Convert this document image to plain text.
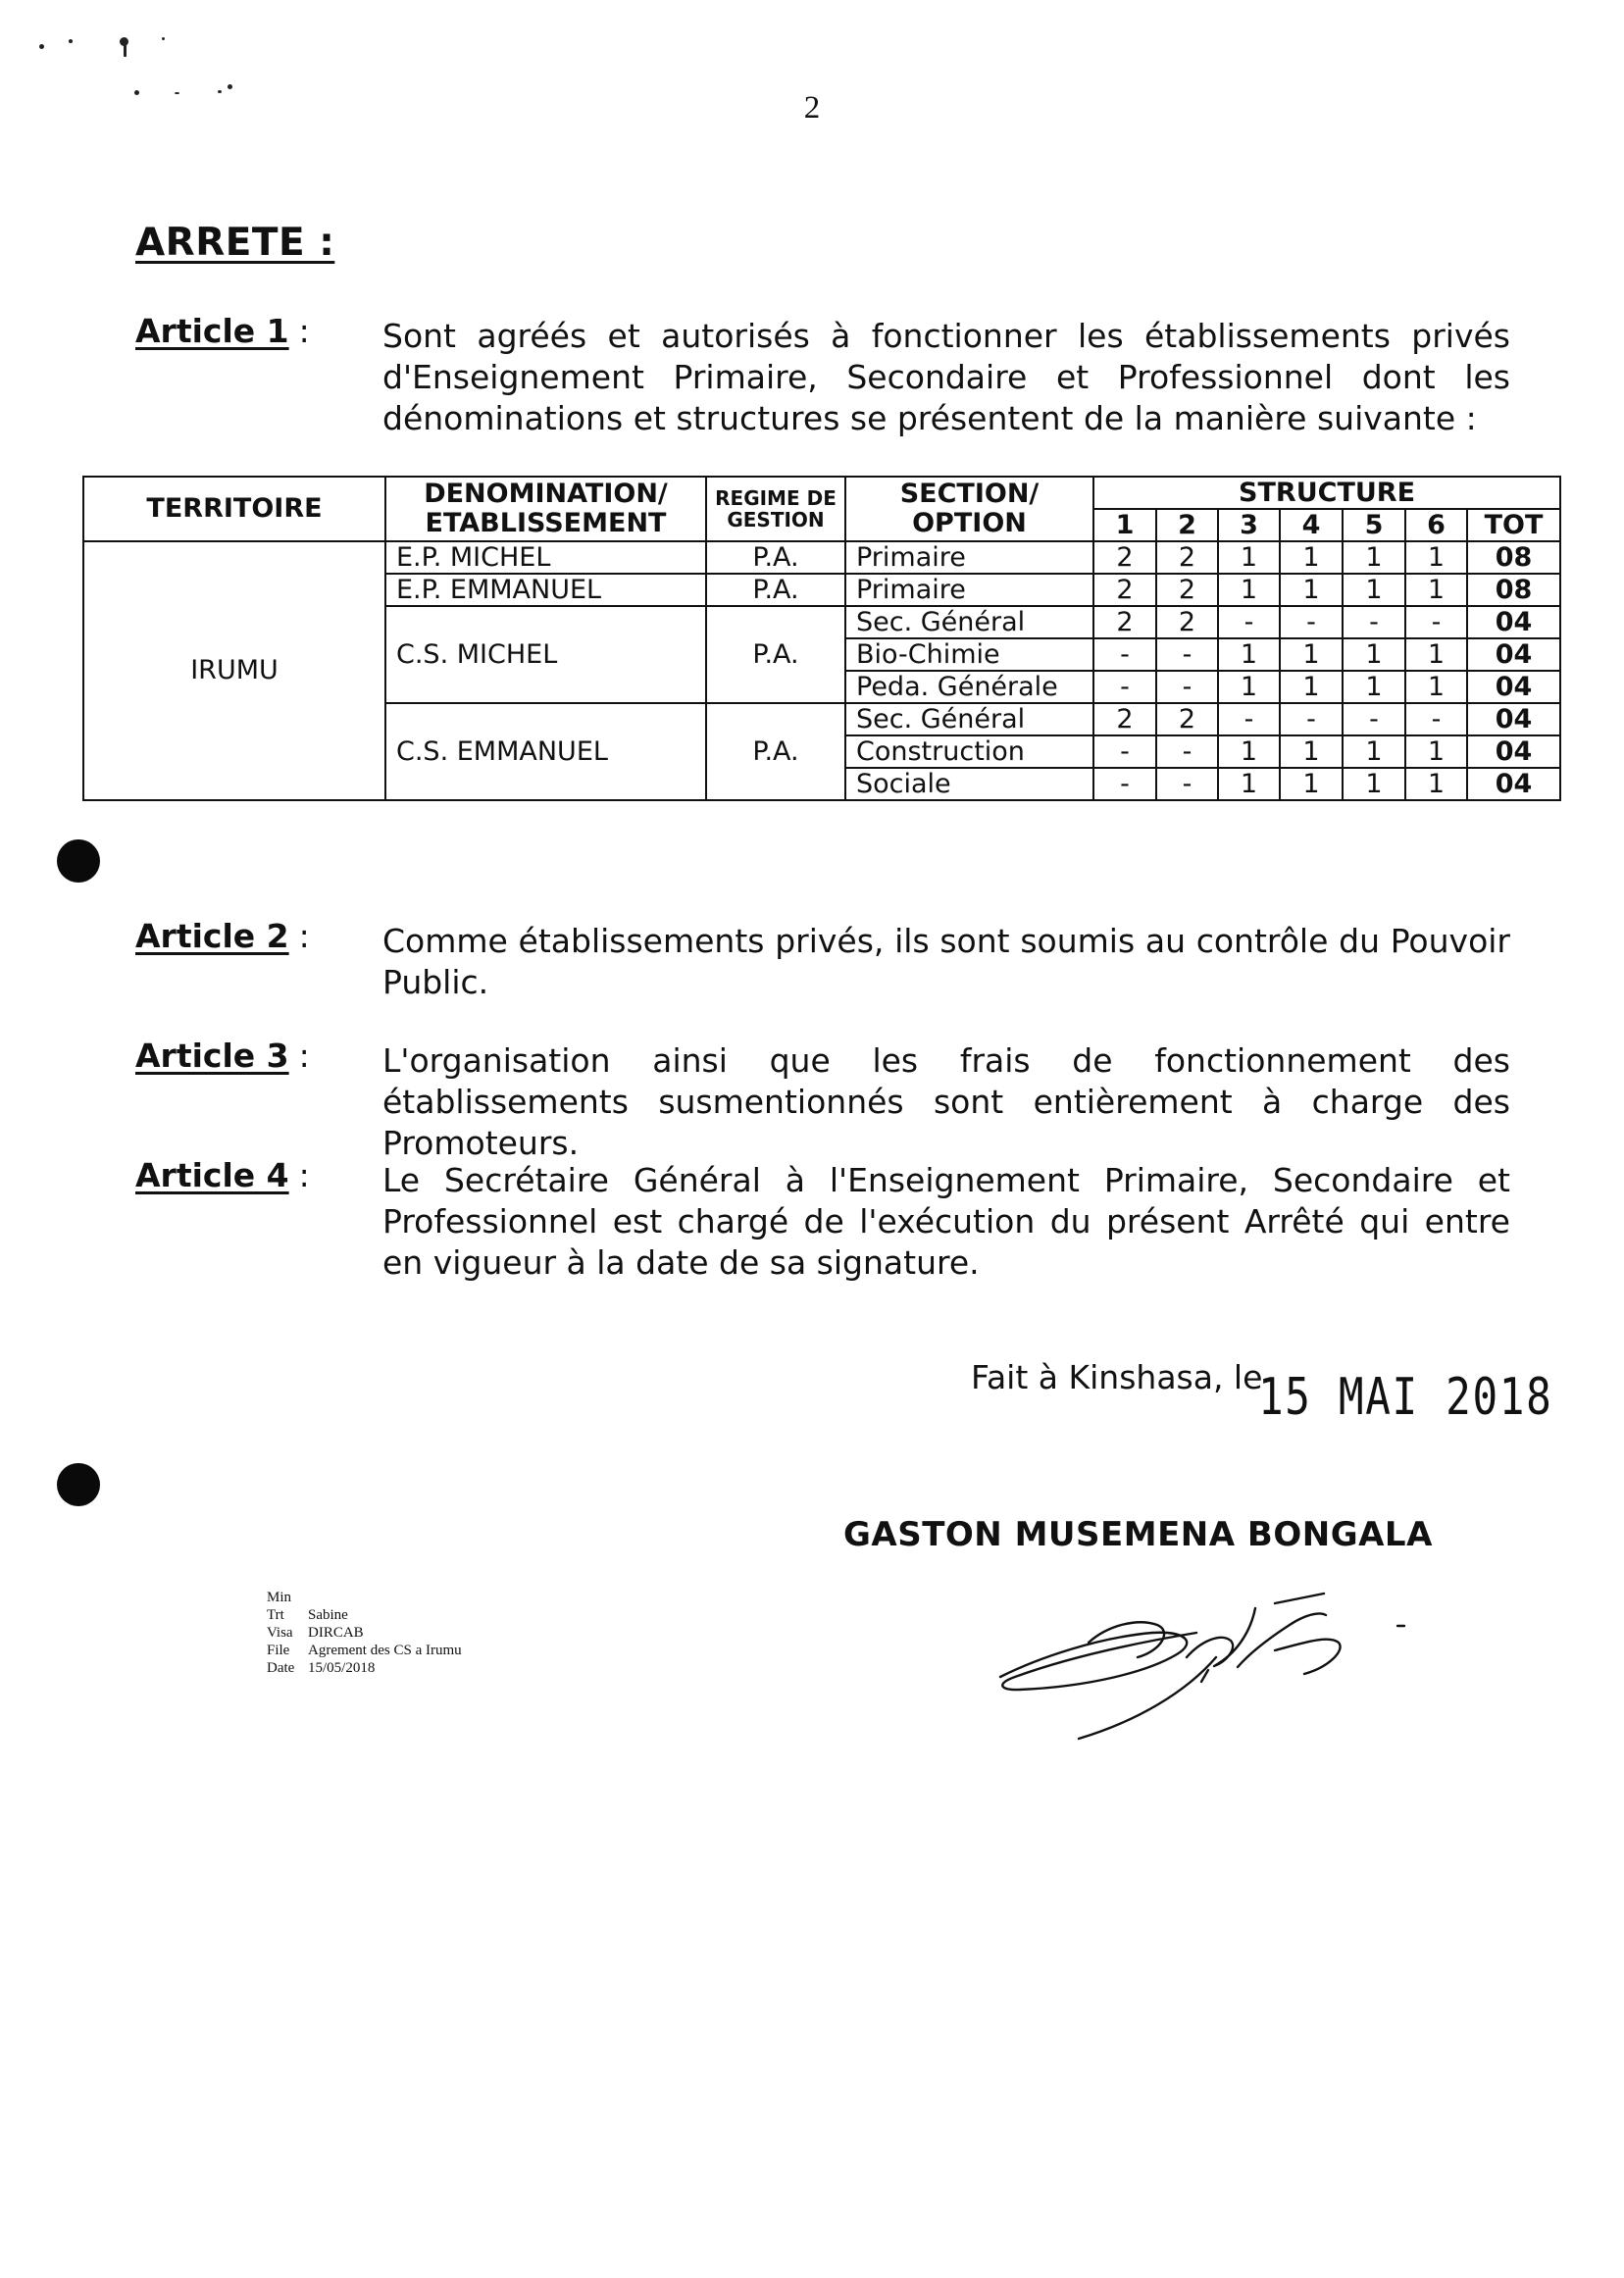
2
ARRETE :
Article 1 : Sont agréés et autorisés à fonctionner les établissements privés d'Enseignement Primaire, Secondaire et Professionnel dont les dénominations et structures se présentent de la manière suivante :
TERRITOIRE	DENOMINATION/ ETABLISSEMENT	REGIME DE GESTION	SECTION/ OPTION	STRUCTURE						
				1	2	3	4	5	6	TOT
IRUMU	E.P. MICHEL	P.A.	Primaire	2	2	1	1	1	1	08
	E.P. EMMANUEL	P.A.	Primaire	2	2	1	1	1	1	08
	C.S. MICHEL	P.A.	Sec. Général	2	2	-	-	-	-	04
			Bio-Chimie	-	-	1	1	1	1	04
			Peda. Générale	-	-	1	1	1	1	04
	C.S. EMMANUEL	P.A.	Sec. Général	2	2	-	-	-	-	04
			Construction	-	-	1	1	1	1	04
			Sociale	-	-	1	1	1	1	04
Article 2 : Comme établissements privés, ils sont soumis au contrôle du Pouvoir Public.
Article 3 : L'organisation ainsi que les frais de fonctionnement des établissements susmentionnés sont entièrement à charge des Promoteurs.
Article 4 : Le Secrétaire Général à l'Enseignement Primaire, Secondaire et Professionnel est chargé de l'exécution du présent Arrêté qui entre en vigueur à la date de sa signature.
Fait à Kinshasa, le
15 MAI 2018
GASTON MUSEMENA BONGALA
Min
Trt Sabine
Visa DIRCAB
File Agrement des CS a Irumu
Date 15/05/2018
